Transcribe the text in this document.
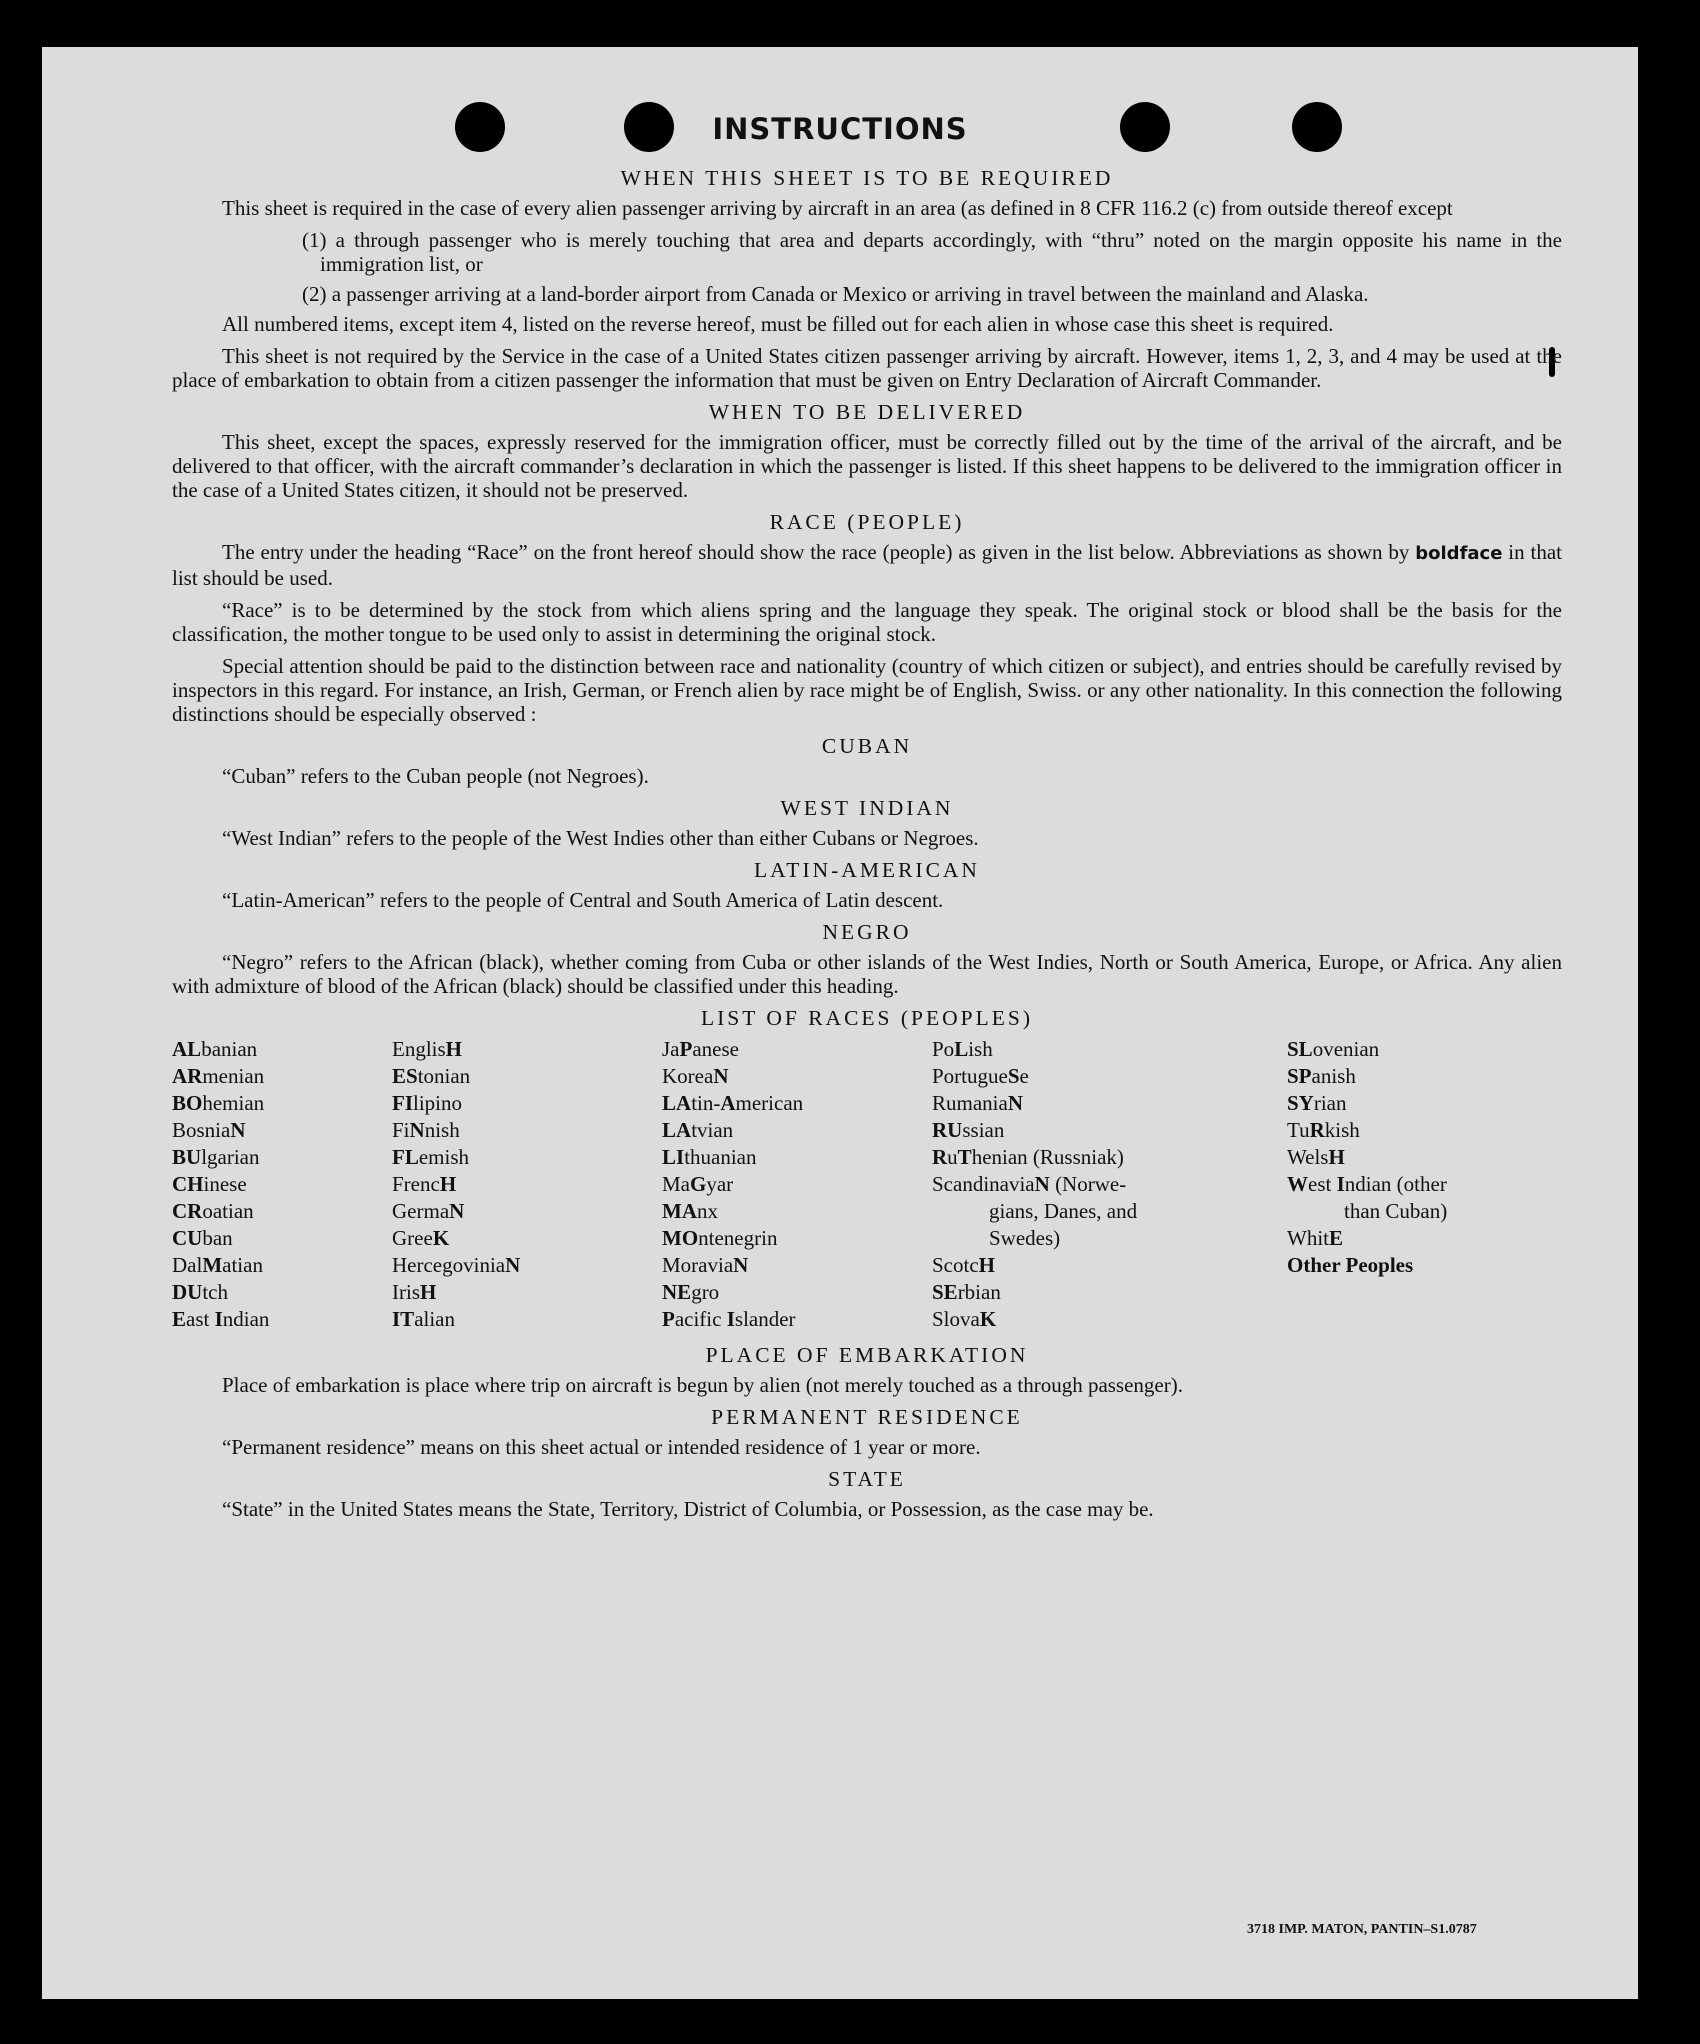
INSTRUCTIONS
WHEN THIS SHEET IS TO BE REQUIRED

This sheet is required in the case of every alien passenger arriving by aircraft in an area (as defined in 8 CFR 116.2 (c) from outside thereof except

(1) a through passenger who is merely touching that area and departs accordingly, with “thru” noted on the margin opposite his name in the immigration list, or
(2) a passenger arriving at a land-border airport from Canada or Mexico or arriving in travel between the mainland and Alaska.

All numbered items, except item 4, listed on the reverse hereof, must be filled out for each alien in whose case this sheet is required.

This sheet is not required by the Service in the case of a United States citizen passenger arriving by aircraft. However, items 1, 2, 3, and 4 may be used at the place of embarkation to obtain from a citizen passenger the information that must be given on Entry Declaration of Aircraft Commander.

WHEN TO BE DELIVERED

This sheet, except the spaces, expressly reserved for the immigration officer, must be correctly filled out by the time of the arrival of the aircraft, and be delivered to that officer, with the aircraft commander’s declaration in which the passenger is listed. If this sheet happens to be delivered to the immigration officer in the case of a United States citizen, it should not be preserved.

RACE (PEOPLE)

The entry under the heading “Race” on the front hereof should show the race (people) as given in the list below. Abbreviations as shown by boldface in that list should be used.

“Race” is to be determined by the stock from which aliens spring and the language they speak. The original stock or blood shall be the basis for the classification, the mother tongue to be used only to assist in determining the original stock.

Special attention should be paid to the distinction between race and nationality (country of which citizen or subject), and entries should be carefully revised by inspectors in this regard. For instance, an Irish, German, or French alien by race might be of English, Swiss. or any other nationality. In this connection the following distinctions should be especially observed :

CUBAN

“Cuban” refers to the Cuban people (not Negroes).

WEST INDIAN

“West Indian” refers to the people of the West Indies other than either Cubans or Negroes.

LATIN-AMERICAN

“Latin-American” refers to the people of Central and South America of Latin descent.

NEGRO

“Negro” refers to the African (black), whether coming from Cuba or other islands of the West Indies, North or South America, Europe, or Africa. Any alien with admixture of blood of the African (black) should be classified under this heading.

LIST OF RACES (PEOPLES)
ALbanian
ARmenian
BOhemian
BosniaN
BUlgarian
CHinese
CRoatian
CUban
DalMatian
DUtch
East Indian
EnglisH
EStonian
FIlipino
FiNnish
FLemish
FrencH
GermaN
GreeK
HercegoviniaN
IrisH
ITalian
JaPanese
KoreaN
LAtin-American
LAtvian
LIthuanian
MaGyar
MAnx
MOntenegrin
MoraviaN
NEgro
Pacific Islander
PoLish
PortugueSe
RumaniaN
RUssian
RuThenian (Russniak)
ScandinaviaN (Norwe-
gians, Danes, and
Swedes)
ScotcH
SErbian
SlovaK
SLovenian
SPanish
SYrian
TuRkish
WelsH
West Indian (other
than Cuban)
WhitE
Other Peoples
PLACE OF EMBARKATION

Place of embarkation is place where trip on aircraft is begun by alien (not merely touched as a through passenger).

PERMANENT RESIDENCE

“Permanent residence” means on this sheet actual or intended residence of 1 year or more.

STATE

“State” in the United States means the State, Territory, District of Columbia, or Possession, as the case may be.

3718 IMP. MATON, PANTIN–S1.0787
